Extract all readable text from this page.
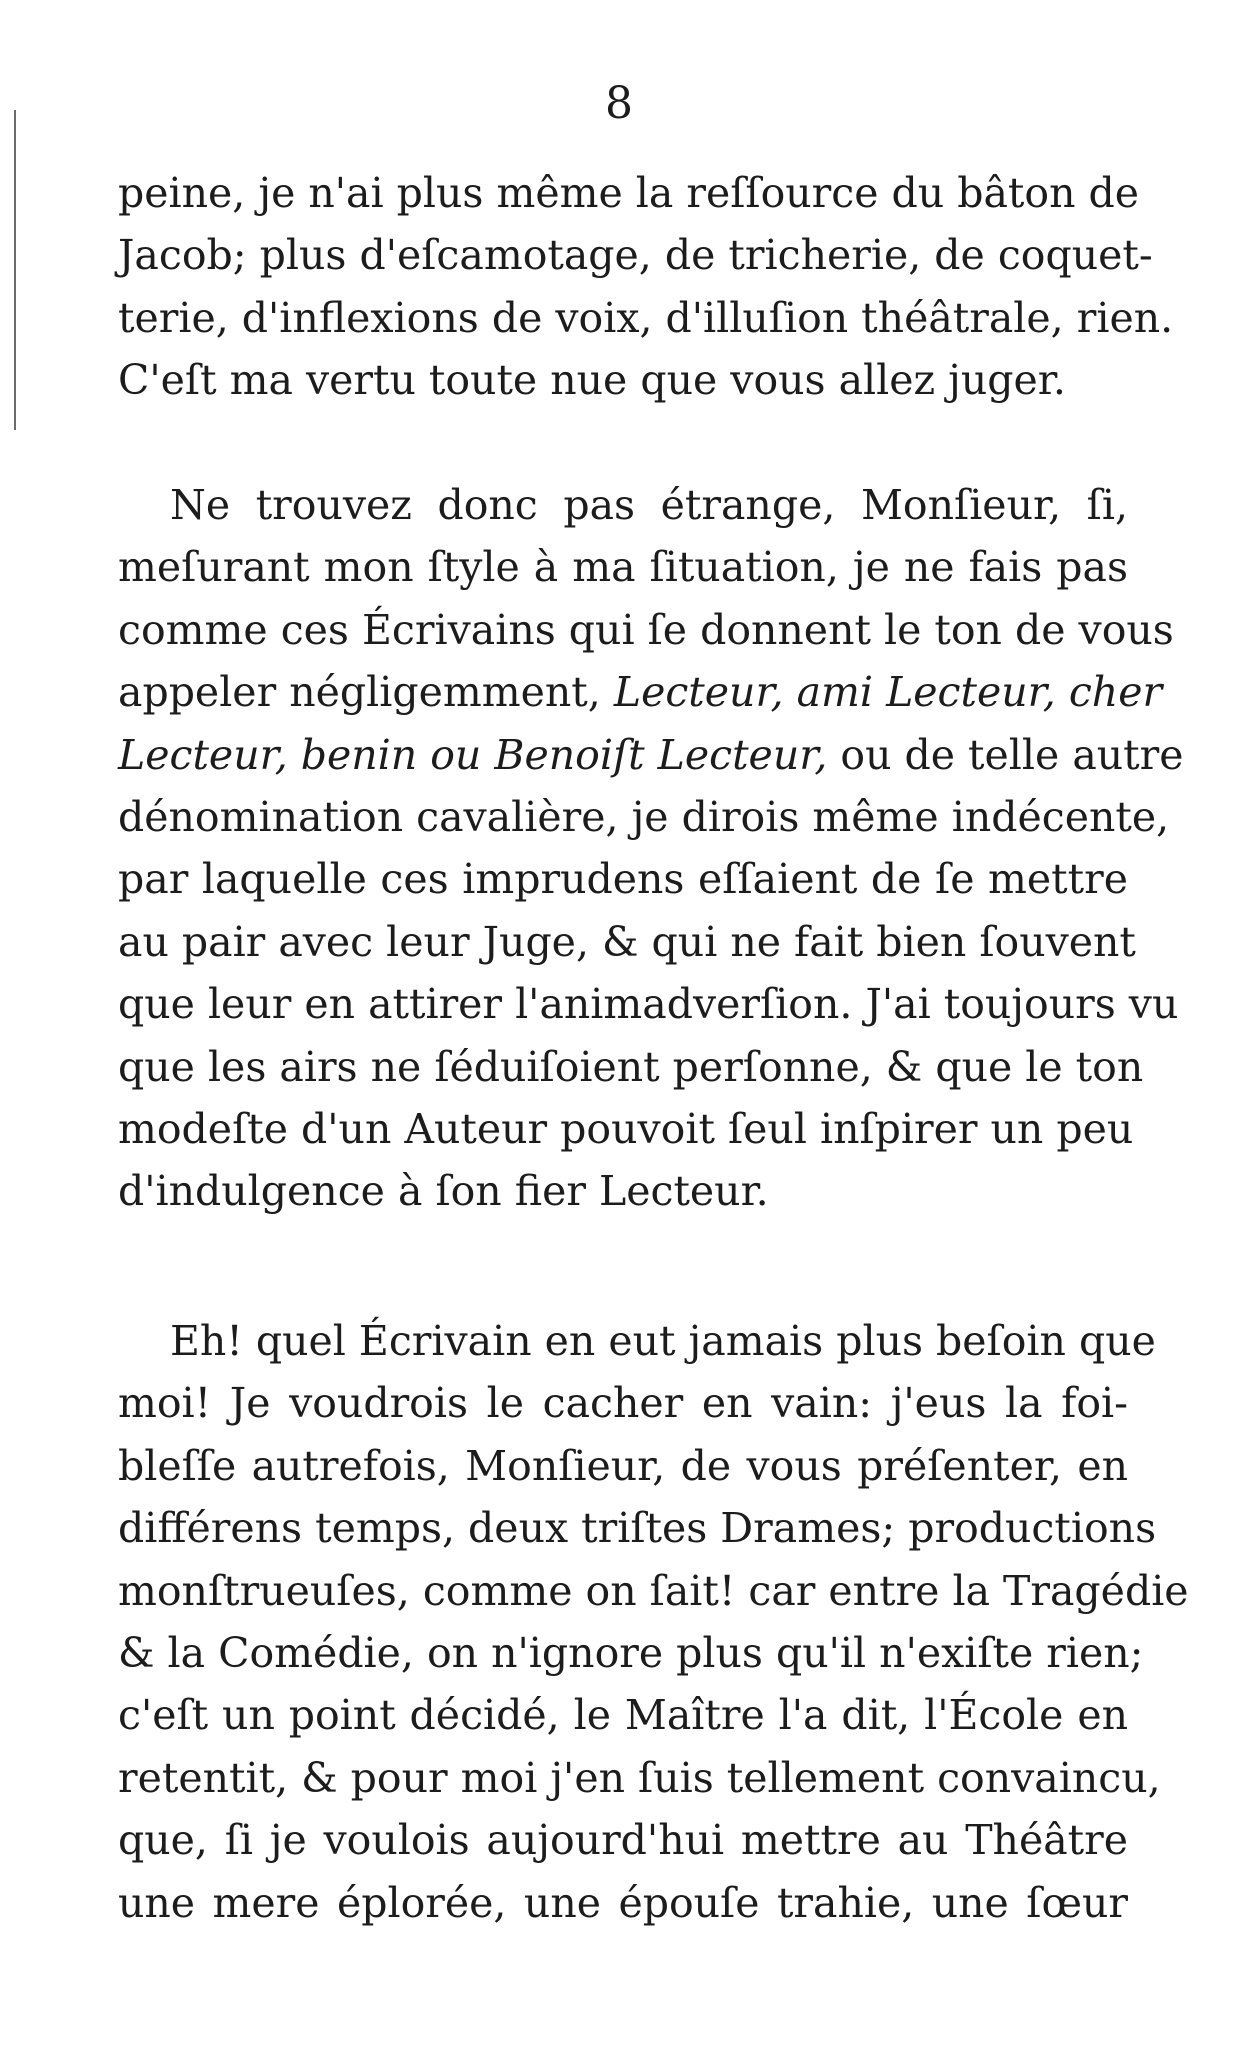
8
peine, je n'ai plus même la reſſource du bâton de
Jacob; plus d'eſcamotage, de tricherie, de coquet-
terie, d'inflexions de voix, d'illuſion théâtrale, rien.
C'eſt ma vertu toute nue que vous allez juger.
Ne trouvez donc pas étrange, Monſieur, ſi,
meſurant mon ſtyle à ma ſituation, je ne fais pas
comme ces Écrivains qui ſe donnent le ton de vous
appeler négligemment, Lecteur, ami Lecteur, cher
Lecteur, benin ou Benoiſt Lecteur, ou de telle autre
dénomination cavalière, je dirois même indécente,
par laquelle ces imprudens eſſaient de ſe mettre
au pair avec leur Juge, & qui ne fait bien ſouvent
que leur en attirer l'animadverſion. J'ai toujours vu
que les airs ne ſéduiſoient perſonne, & que le ton
modeſte d'un Auteur pouvoit ſeul inſpirer un peu
d'indulgence à ſon fier Lecteur.
Eh! quel Écrivain en eut jamais plus beſoin que
moi! Je voudrois le cacher en vain: j'eus la foi-
bleſſe autrefois, Monſieur, de vous préſenter, en
différens temps, deux triſtes Drames; productions
monſtrueuſes, comme on ſait! car entre la Tragédie
& la Comédie, on n'ignore plus qu'il n'exiſte rien;
c'eſt un point décidé, le Maître l'a dit, l'École en
retentit, & pour moi j'en ſuis tellement convaincu,
que, ſi je voulois aujourd'hui mettre au Théâtre
une mere éplorée, une épouſe trahie, une ſœur
